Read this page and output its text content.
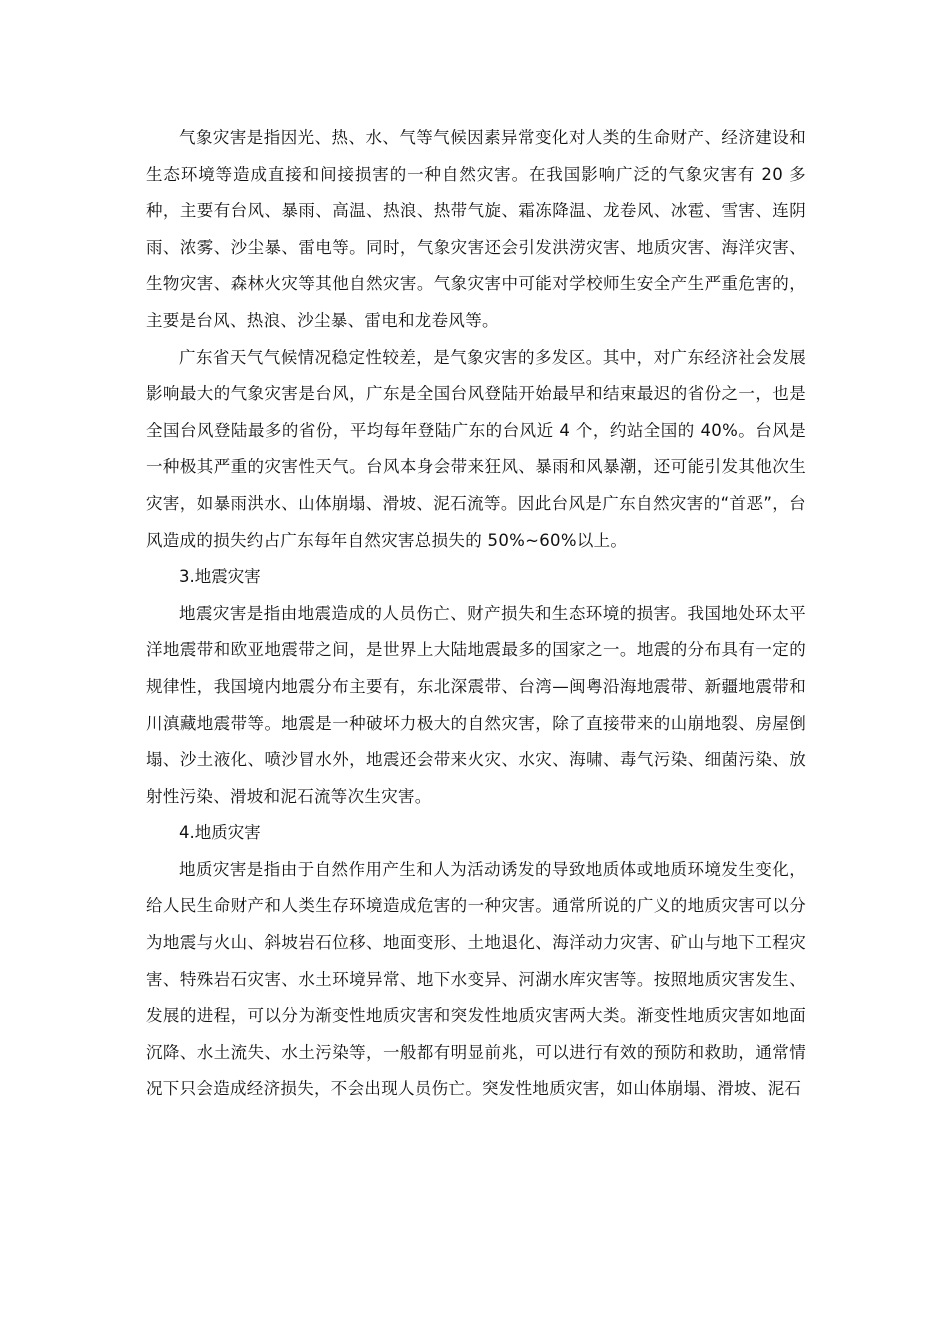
气象灾害是指因光、热、水、气等气候因素异常变化对人类的生命财产、经济建设和生态环境等造成直接和间接损害的一种自然灾害。在我国影响广泛的气象灾害有 20 多种，主要有台风、暴雨、高温、热浪、热带气旋、霜冻降温、龙卷风、冰雹、雪害、连阴雨、浓雾、沙尘暴、雷电等。同时，气象灾害还会引发洪涝灾害、地质灾害、海洋灾害、生物灾害、森林火灾等其他自然灾害。气象灾害中可能对学校师生安全产生严重危害的，主要是台风、热浪、沙尘暴、雷电和龙卷风等。

广东省天气气候情况稳定性较差，是气象灾害的多发区。其中，对广东经济社会发展影响最大的气象灾害是台风，广东是全国台风登陆开始最早和结束最迟的省份之一，也是全国台风登陆最多的省份，平均每年登陆广东的台风近 4 个，约站全国的 40%。台风是一种极其严重的灾害性天气。台风本身会带来狂风、暴雨和风暴潮，还可能引发其他次生灾害，如暴雨洪水、山体崩塌、滑坡、泥石流等。因此台风是广东自然灾害的“首恶”，台风造成的损失约占广东每年自然灾害总损失的 50%~60%以上。

3.地震灾害

地震灾害是指由地震造成的人员伤亡、财产损失和生态环境的损害。我国地处环太平洋地震带和欧亚地震带之间，是世界上大陆地震最多的国家之一。地震的分布具有一定的规律性，我国境内地震分布主要有，东北深震带、台湾—闽粤沿海地震带、新疆地震带和川滇藏地震带等。地震是一种破坏力极大的自然灾害，除了直接带来的山崩地裂、房屋倒塌、沙土液化、喷沙冒水外，地震还会带来火灾、水灾、海啸、毒气污染、细菌污染、放射性污染、滑坡和泥石流等次生灾害。

4.地质灾害

地质灾害是指由于自然作用产生和人为活动诱发的导致地质体或地质环境发生变化，给人民生命财产和人类生存环境造成危害的一种灾害。通常所说的广义的地质灾害可以分为地震与火山、斜坡岩石位移、地面变形、土地退化、海洋动力灾害、矿山与地下工程灾害、特殊岩石灾害、水土环境异常、地下水变异、河湖水库灾害等。按照地质灾害发生、发展的进程，可以分为渐变性地质灾害和突发性地质灾害两大类。渐变性地质灾害如地面沉降、水土流失、水土污染等，一般都有明显前兆，可以进行有效的预防和救助，通常情况下只会造成经济损失，不会出现人员伤亡。突发性地质灾害，如山体崩塌、滑坡、泥石
